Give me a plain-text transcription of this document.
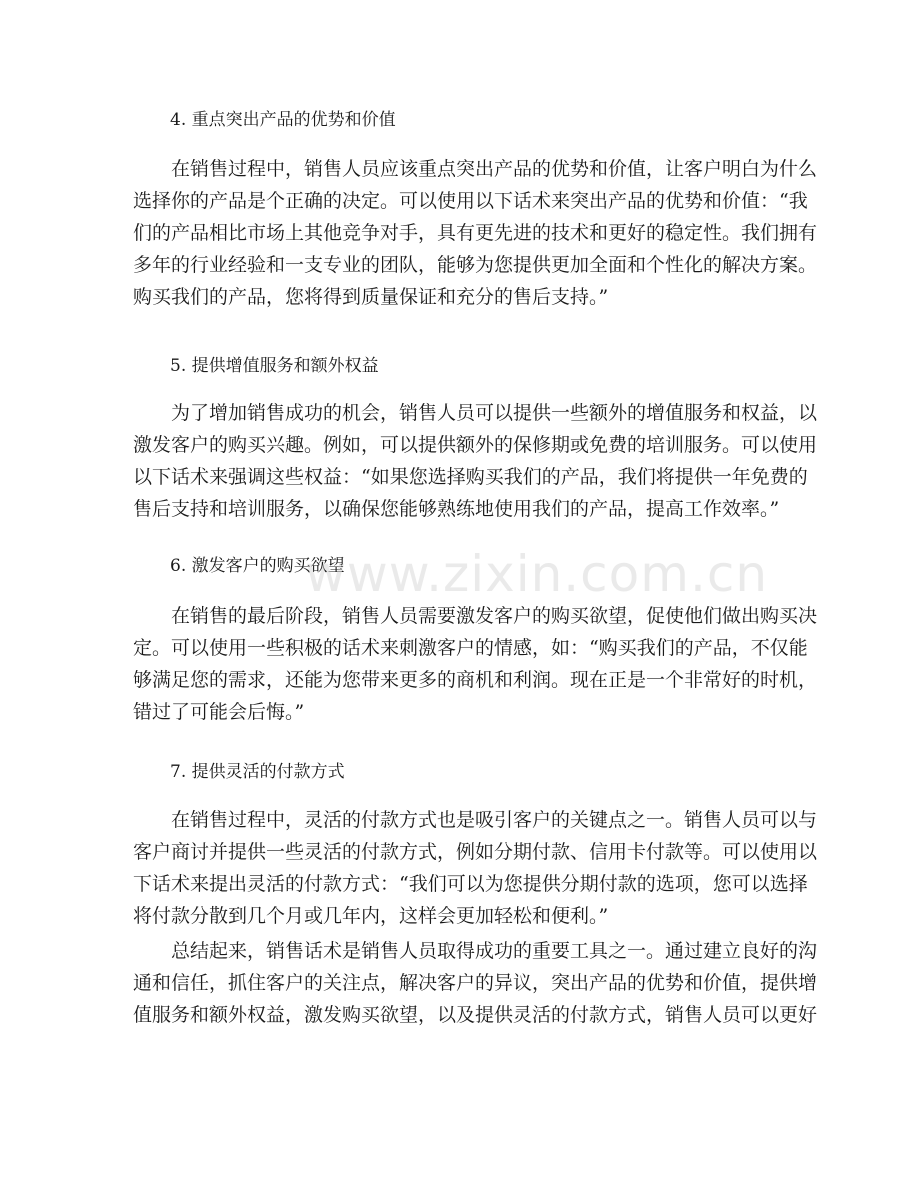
4. 重点突出产品的优势和价值
在销售过程中，销售人员应该重点突出产品的优势和价值，让客户明白为什么
选择你的产品是个正确的决定。可以使用以下话术来突出产品的优势和价值：“我
们的产品相比市场上其他竞争对手，具有更先进的技术和更好的稳定性。我们拥有
多年的行业经验和一支专业的团队，能够为您提供更加全面和个性化的解决方案。
购买我们的产品，您将得到质量保证和充分的售后支持。”
5. 提供增值服务和额外权益
为了增加销售成功的机会，销售人员可以提供一些额外的增值服务和权益，以
激发客户的购买兴趣。例如，可以提供额外的保修期或免费的培训服务。可以使用
以下话术来强调这些权益：“如果您选择购买我们的产品，我们将提供一年免费的
售后支持和培训服务，以确保您能够熟练地使用我们的产品，提高工作效率。”
6. 激发客户的购买欲望
在销售的最后阶段，销售人员需要激发客户的购买欲望，促使他们做出购买决
定。可以使用一些积极的话术来刺激客户的情感，如：“购买我们的产品，不仅能
够满足您的需求，还能为您带来更多的商机和利润。现在正是一个非常好的时机，
错过了可能会后悔。”
7. 提供灵活的付款方式
在销售过程中，灵活的付款方式也是吸引客户的关键点之一。销售人员可以与
客户商讨并提供一些灵活的付款方式，例如分期付款、信用卡付款等。可以使用以
下话术来提出灵活的付款方式：“我们可以为您提供分期付款的选项，您可以选择
将付款分散到几个月或几年内，这样会更加轻松和便利。”
总结起来，销售话术是销售人员取得成功的重要工具之一。通过建立良好的沟
通和信任，抓住客户的关注点，解决客户的异议，突出产品的优势和价值，提供增
值服务和额外权益，激发购买欲望，以及提供灵活的付款方式，销售人员可以更好
www.zixin.com.cn
